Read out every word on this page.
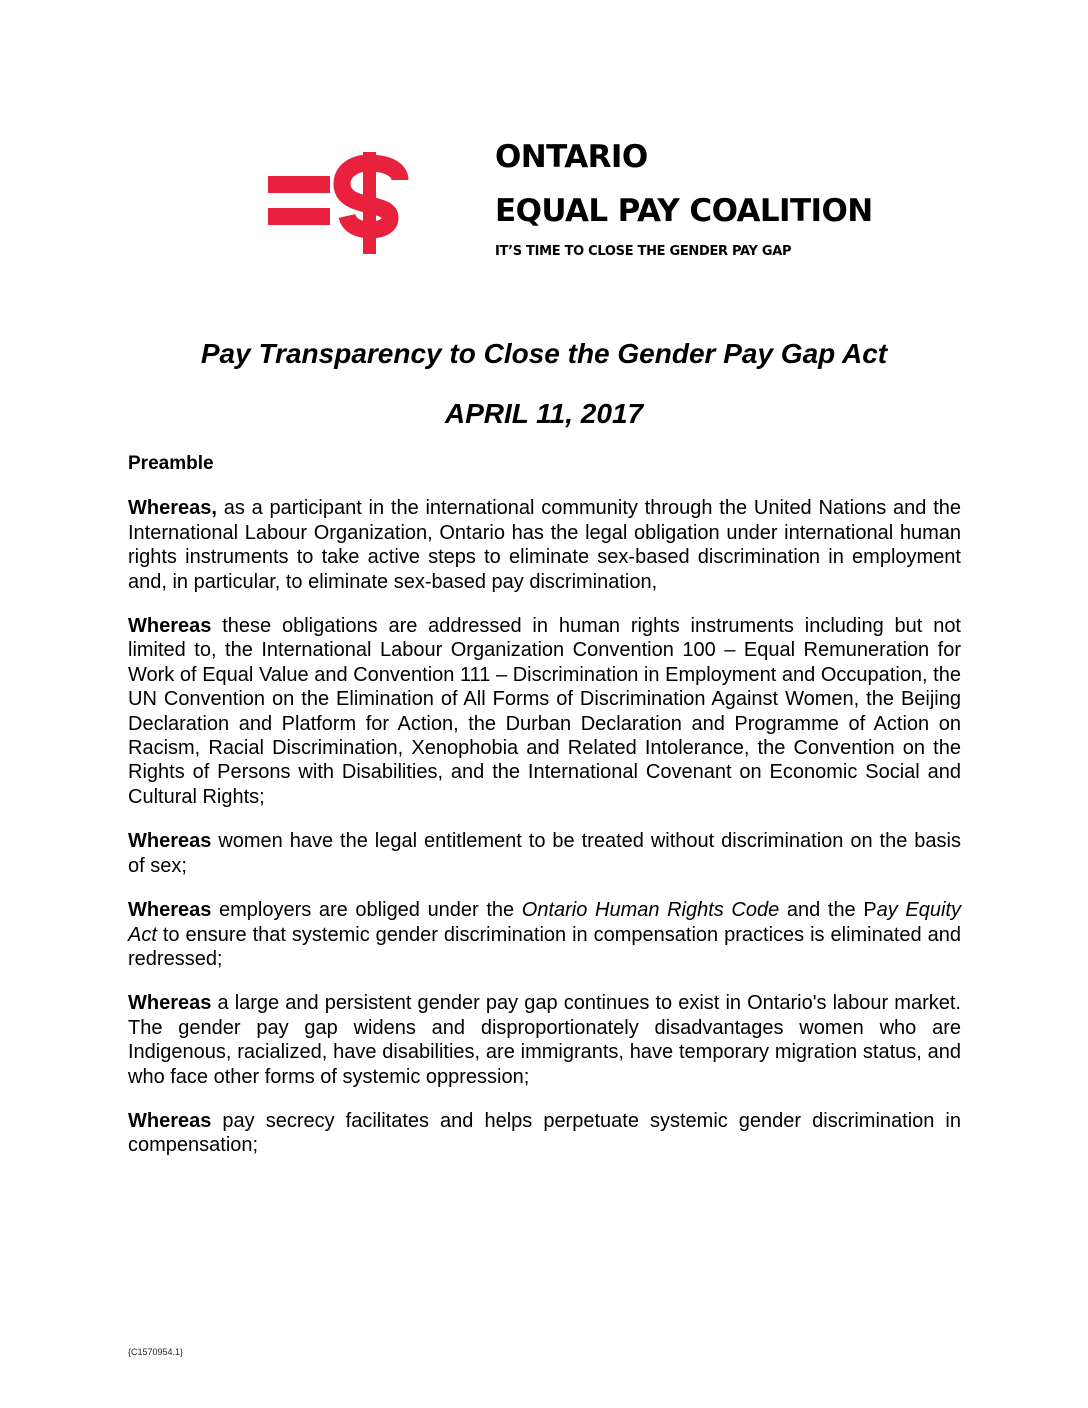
ONTARIO

EQUAL PAY COALITION

IT’S TIME TO CLOSE THE GENDER PAY GAP
Pay Transparency to Close the Gender Pay Gap Act
APRIL 11, 2017

Preamble

Whereas, as a participant in the international community through the United Nations and the International Labour Organization, Ontario has the legal obligation under international human rights instruments to take active steps to eliminate sex-based discrimination in employment and, in particular, to eliminate sex-based pay discrimination,

Whereas these obligations are addressed in human rights instruments including but not limited to, the International Labour Organization Convention 100 – Equal Remuneration for Work of Equal Value and Convention 111 – Discrimination in Employment and Occupation, the UN Convention on the Elimination of All Forms of Discrimination Against Women, the Beijing Declaration and Platform for Action, the Durban Declaration and Programme of Action on Racism, Racial Discrimination, Xenophobia and Related Intolerance, the Convention on the Rights of Persons with Disabilities, and the International Covenant on Economic Social and Cultural Rights;

Whereas women have the legal entitlement to be treated without discrimination on the basis of sex;

Whereas employers are obliged under the Ontario Human Rights Code and the Pay Equity Act to ensure that systemic gender discrimination in compensation practices is eliminated and redressed;

Whereas a large and persistent gender pay gap continues to exist in Ontario's labour market. The gender pay gap widens and disproportionately disadvantages women who are Indigenous, racialized, have disabilities, are immigrants, have temporary migration status, and who face other forms of systemic oppression;

Whereas pay secrecy facilitates and helps perpetuate systemic gender discrimination in compensation;

{C1570954.1}
